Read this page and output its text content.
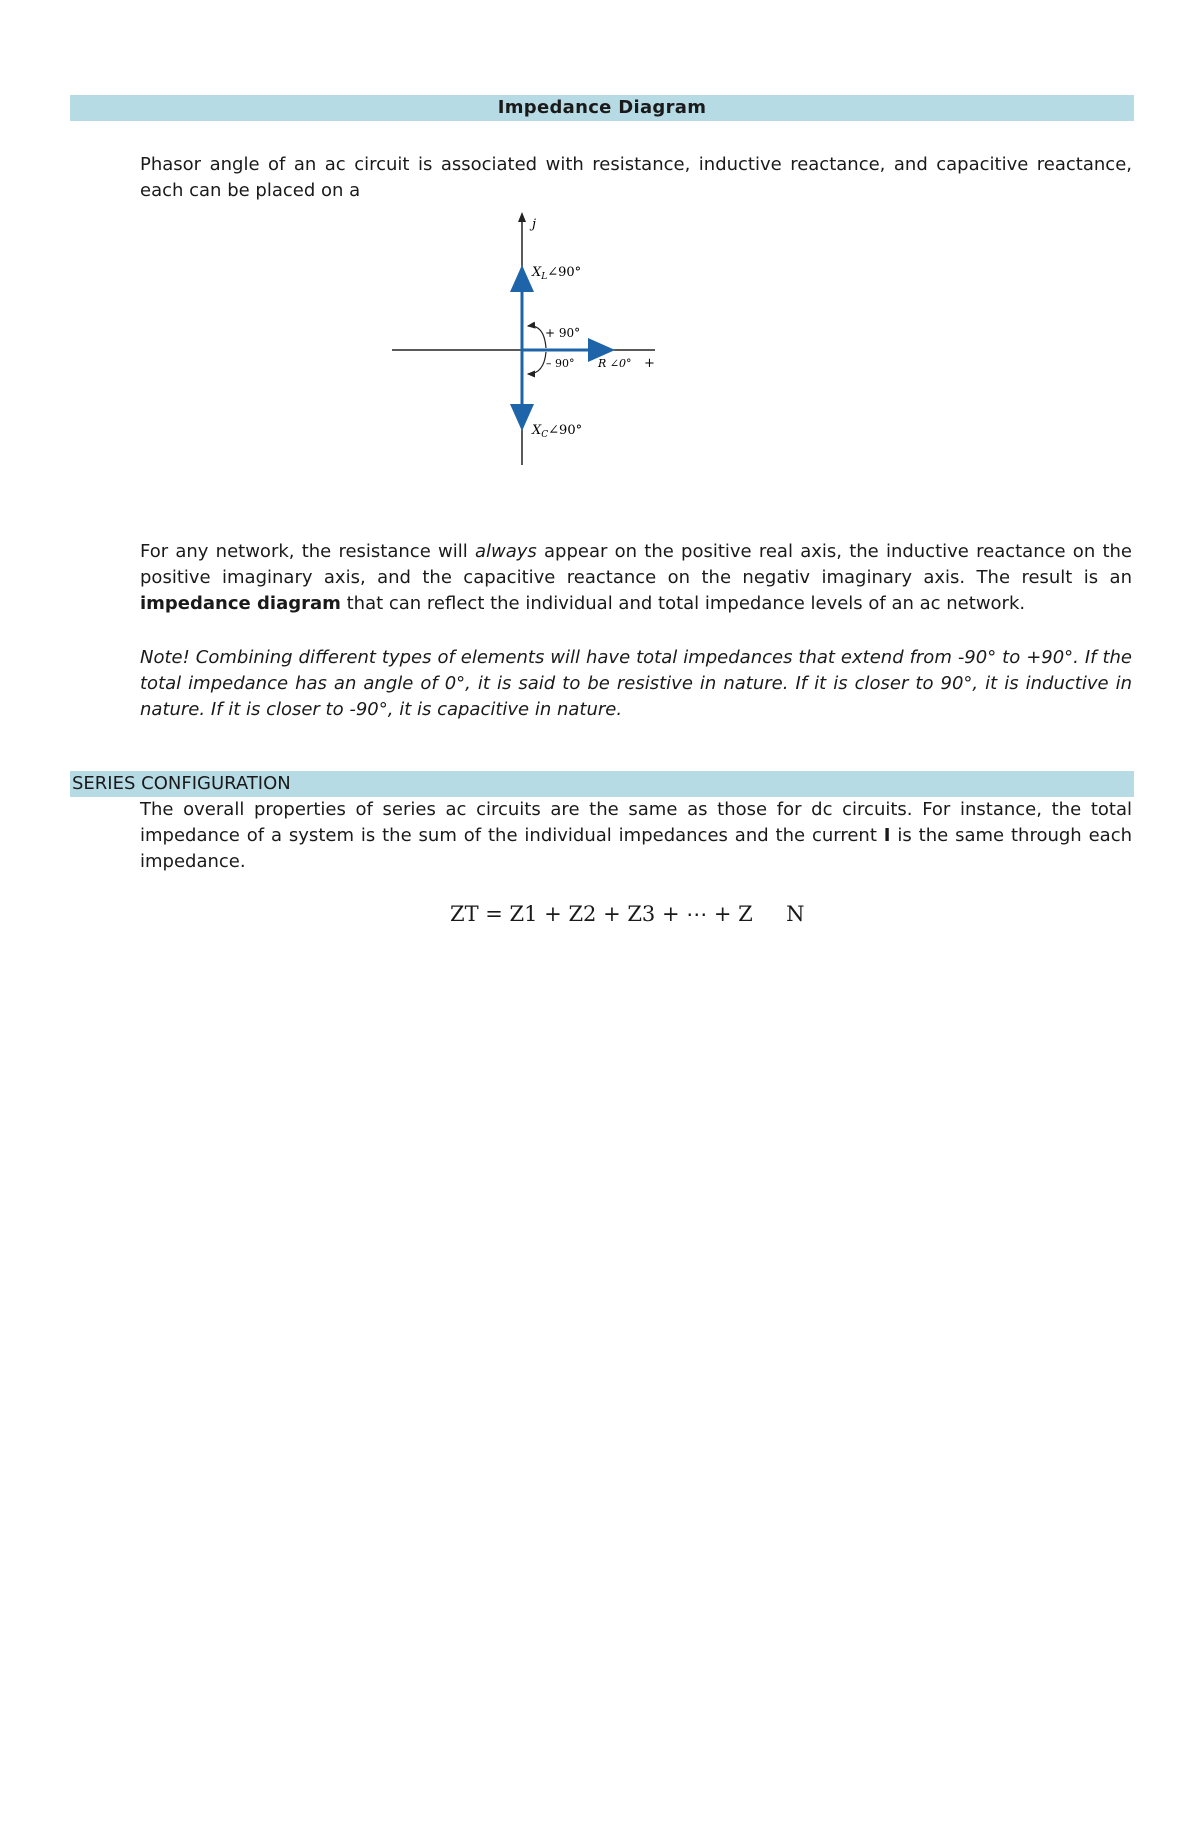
Impedance Diagram

Phasor angle of an ac circuit is associated with resistance, inductive reactance, and capacitive reactance, each can be placed on a

j
$X_L\angle 90^\circ$
+ 90°
– 90° R ∠0° +
$X_C\angle 90^\circ$

For any network, the resistance will always appear on the positive real axis, the inductive reactance on the positive imaginary axis, and the capacitive reactance on the negativ imaginary axis. The result is an impedance diagram that can reflect the individual and total impedance levels of an ac network.

Note! Combining different types of elements will have total impedances that extend from -90° to +90°. If the total impedance has an angle of 0°, it is said to be resistive in nature. If it is closer to 90°, it is inductive in nature. If it is closer to -90°, it is capacitive in nature.

SERIES CONFIGURATION

The overall properties of series ac circuits are the same as those for dc circuits. For instance, the total impedance of a system is the sum of the individual impedances and the current I is the same through each impedance.

ZT = Z1 + Z2 + Z3 + ⋯ + Z     N
